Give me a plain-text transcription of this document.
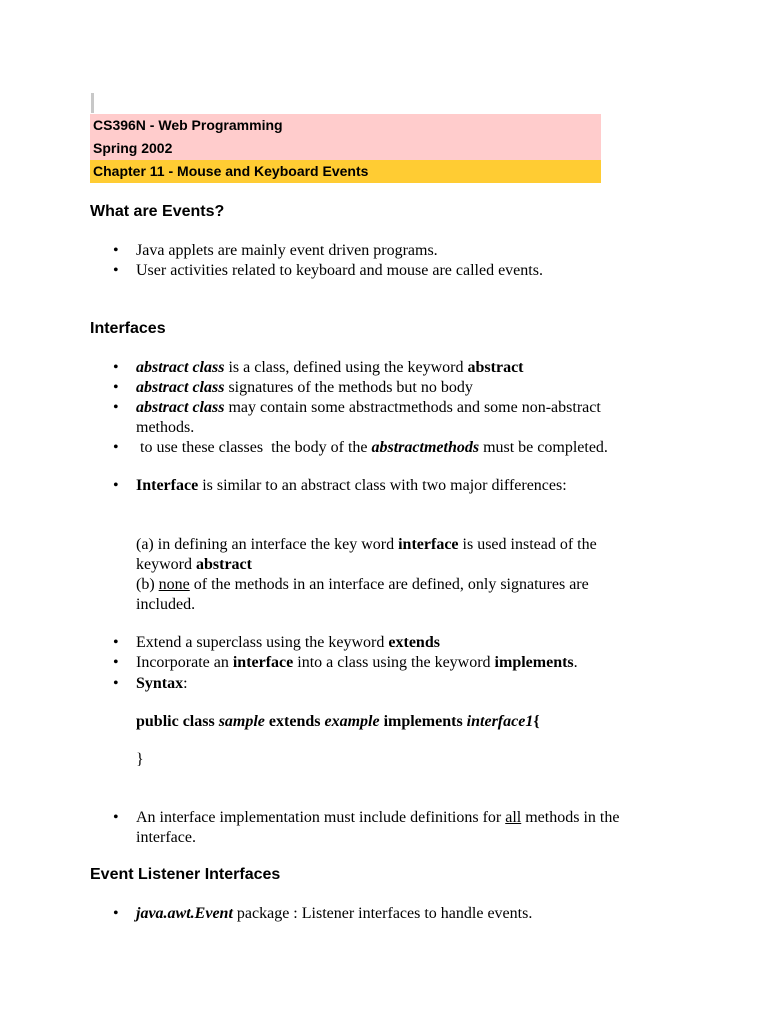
CS396N - Web Programming
Spring 2002
Chapter 11 - Mouse and Keyboard Events
What are Events?
• Java applets are mainly event driven programs.
• User activities related to keyboard and mouse are called events.
Interfaces
• abstract class is a class, defined using the keyword abstract
• abstract class signatures of the methods but no body
• abstract class may contain some abstractmethods and some non-abstract
methods.
• to use these classes  the body of the abstractmethods must be completed.
• Interface is similar to an abstract class with two major differences:
(a) in defining an interface the key word interface is used instead of the
keyword abstract
(b) none of the methods in an interface are defined, only signatures are
included.
• Extend a superclass using the keyword extends
• Incorporate an interface into a class using the keyword implements.
• Syntax:
public class sample extends example implements interface1{
}
• An interface implementation must include definitions for all methods in the
interface.
Event Listener Interfaces
• java.awt.Event package : Listener interfaces to handle events.
